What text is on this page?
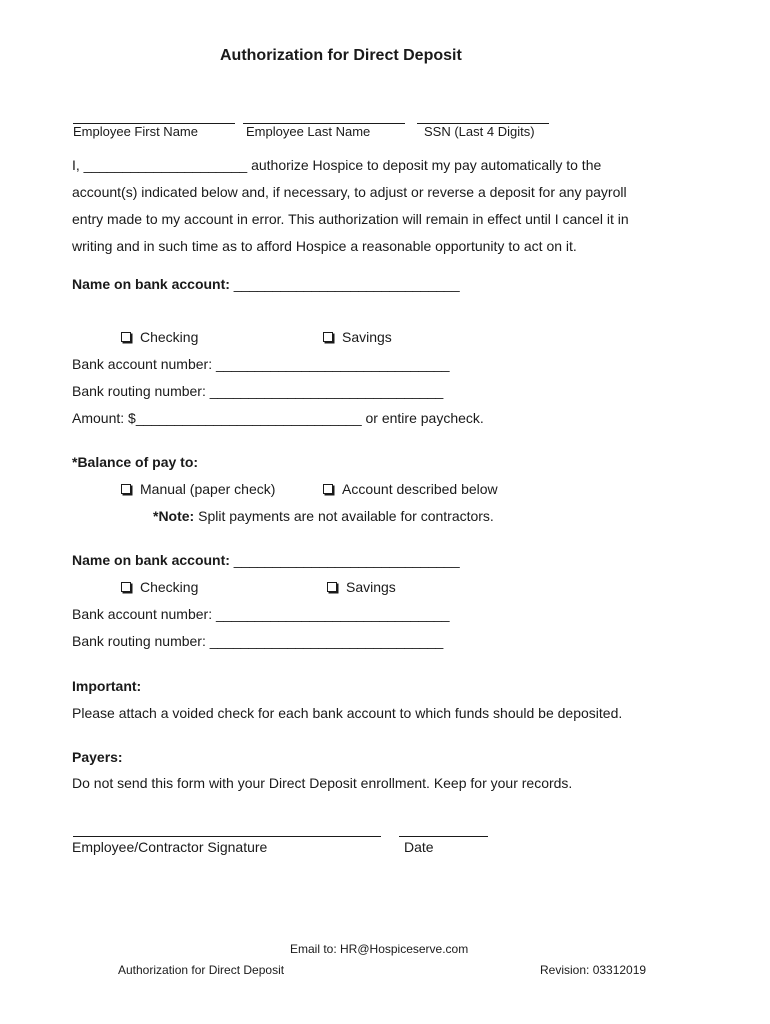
Authorization for Direct Deposit
Employee First Name	Employee Last Name	SSN (Last 4 Digits)
I, _____________________ authorize Hospice to deposit my pay automatically to the
account(s) indicated below and, if necessary, to adjust or reverse a deposit for any payroll
entry made to my account in error. This authorization will remain in effect until I cancel it in
writing and in such time as to afford Hospice a reasonable opportunity to act on it.
Name on bank account: _____________________________
Checking	Savings
Bank account number: ______________________________
Bank routing number: ______________________________
Amount: $_____________________________ or entire paycheck.
*Balance of pay to:
Manual (paper check)	Account described below
*Note: Split payments are not available for contractors.
Name on bank account: _____________________________
Checking	Savings
Bank account number: ______________________________
Bank routing number: ______________________________
Important:
Please attach a voided check for each bank account to which funds should be deposited.
Payers:
Do not send this form with your Direct Deposit enrollment. Keep for your records.
Employee/Contractor Signature	Date
Email to: HR@Hospiceserve.com
Authorization for Direct Deposit	Revision: 03312019
